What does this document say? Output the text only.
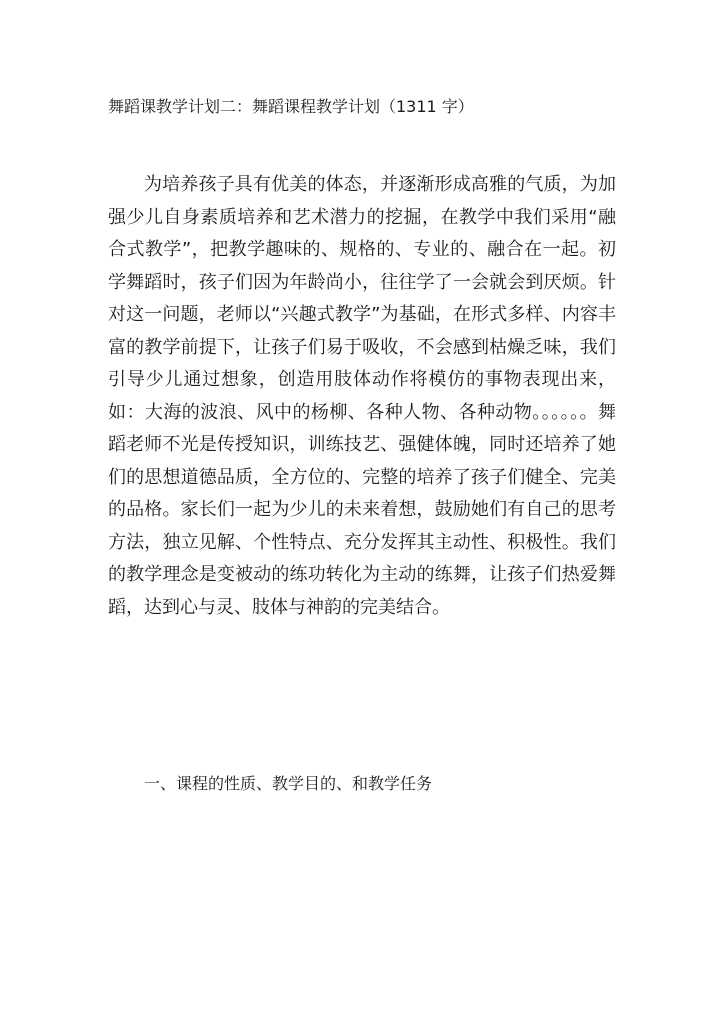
舞蹈课教学计划二：舞蹈课程教学计划（1311 字）

为培养孩子具有优美的体态，并逐渐形成高雅的气质，为加强少儿自身素质培养和艺术潜力的挖掘，在教学中我们采用“融合式教学”，把教学趣味的、规格的、专业的、融合在一起。初学舞蹈时，孩子们因为年龄尚小，往往学了一会就会到厌烦。针对这一问题，老师以“兴趣式教学”为基础，在形式多样、内容丰富的教学前提下，让孩子们易于吸收，不会感到枯燥乏味，我们引导少儿通过想象，创造用肢体动作将模仿的事物表现出来，如：大海的波浪、风中的杨柳、各种人物、各种动物。。。。。。舞蹈老师不光是传授知识，训练技艺、强健体魄，同时还培养了她们的思想道德品质，全方位的、完整的培养了孩子们健全、完美的品格。家长们一起为少儿的未来着想，鼓励她们有自己的思考方法，独立见解、个性特点、充分发挥其主动性、积极性。我们的教学理念是变被动的练功转化为主动的练舞，让孩子们热爱舞蹈，达到心与灵、肢体与神韵的完美结合。

一、课程的性质、教学目的、和教学任务
